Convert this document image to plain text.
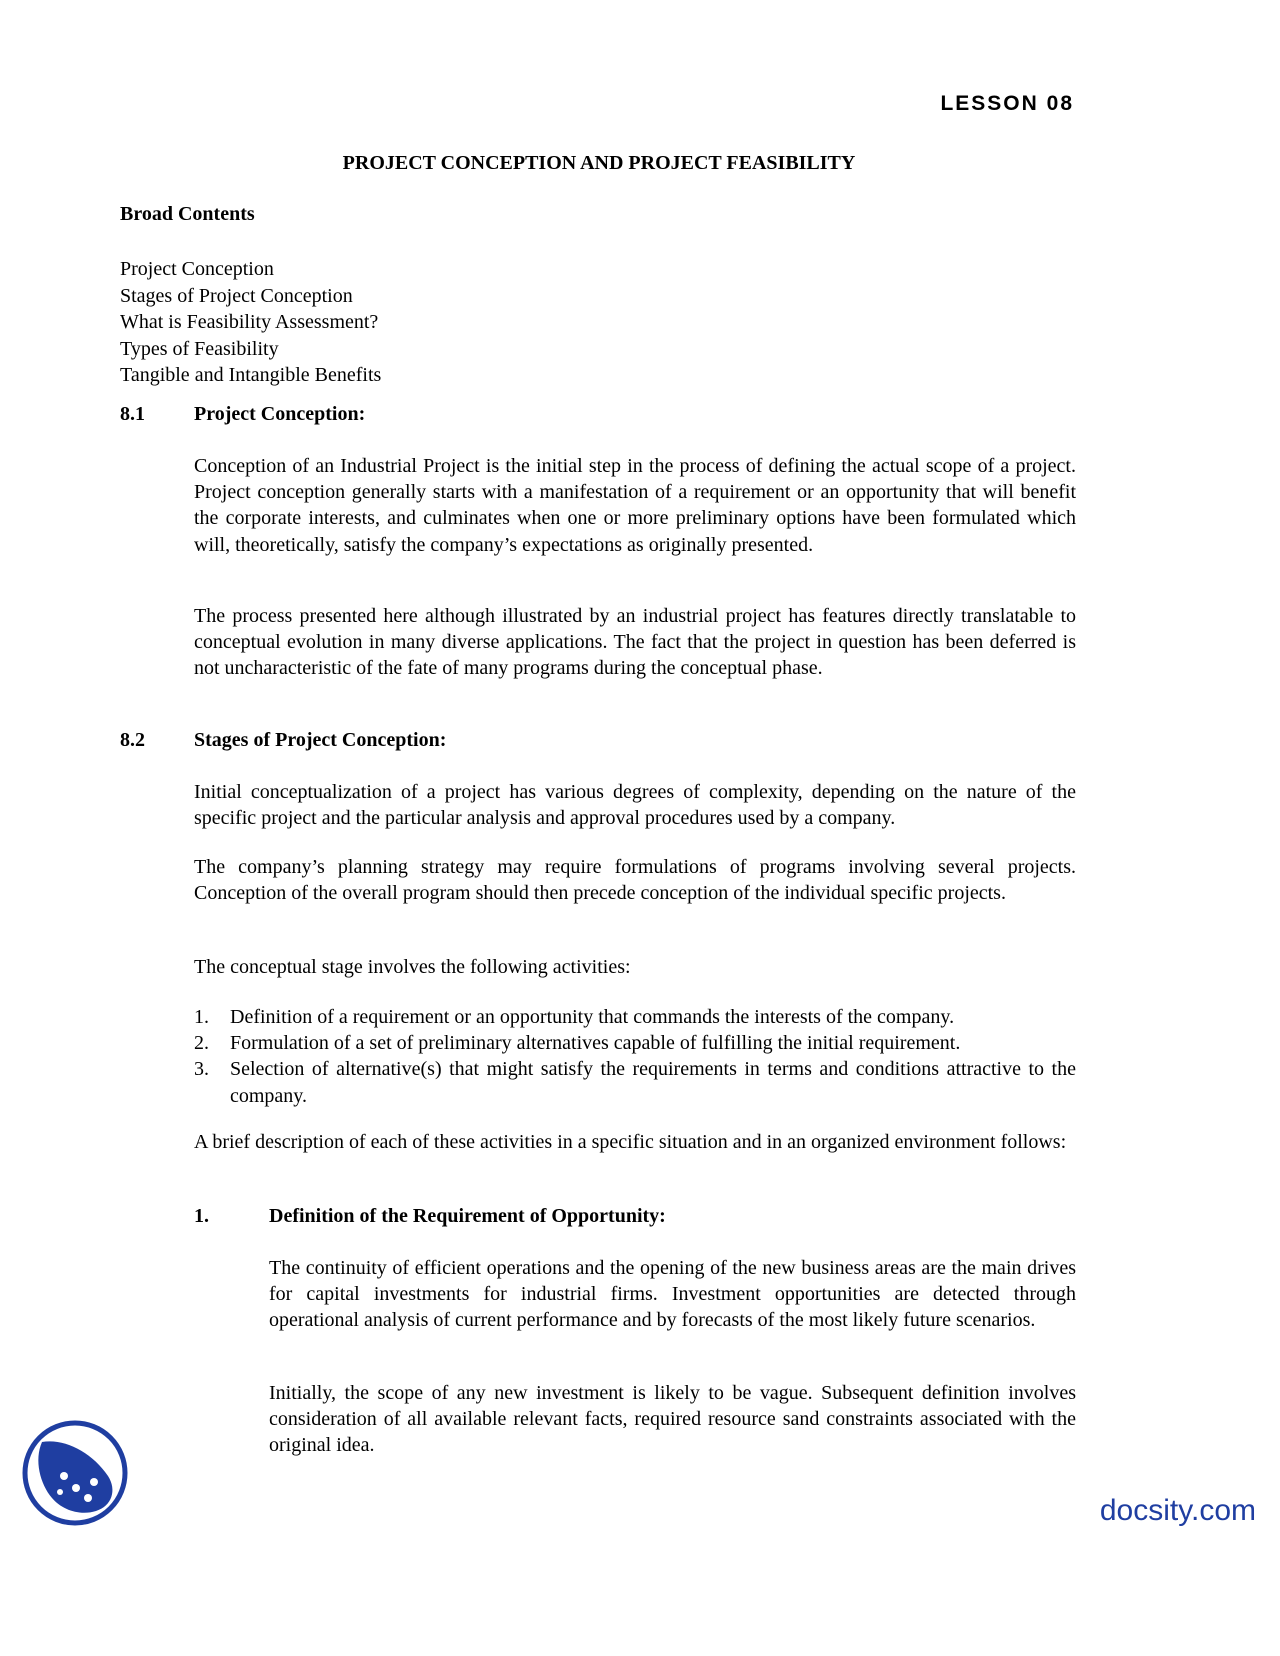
LESSON 08
PROJECT CONCEPTION AND PROJECT FEASIBILITY
Broad Contents
Project Conception
Stages of Project Conception
What is Feasibility Assessment?
Types of Feasibility
Tangible and Intangible Benefits
8.1 Project Conception:

Conception of an Industrial Project is the initial step in the process of defining the actual scope of a project. Project conception generally starts with a manifestation of a requirement or an opportunity that will benefit the corporate interests, and culminates when one or more preliminary options have been formulated which will, theoretically, satisfy the company’s expectations as originally presented.

The process presented here although illustrated by an industrial project has features directly translatable to conceptual evolution in many diverse applications. The fact that the project in question has been deferred is not uncharacteristic of the fate of many programs during the conceptual phase.

8.2 Stages of Project Conception:

Initial conceptualization of a project has various degrees of complexity, depending on the nature of the specific project and the particular analysis and approval procedures used by a company.

The company’s planning strategy may require formulations of programs involving several projects. Conception of the overall program should then precede conception of the individual specific projects.

The conceptual stage involves the following activities:

1. Definition of a requirement or an opportunity that commands the interests of the company.
2. Formulation of a set of preliminary alternatives capable of fulfilling the initial requirement.
3. Selection of alternative(s) that might satisfy the requirements in terms and conditions attractive to the company.

A brief description of each of these activities in a specific situation and in an organized environment follows:

1.	Definition of the Requirement of Opportunity:

The continuity of efficient operations and the opening of the new business areas are the main drives for capital investments for industrial firms. Investment opportunities are detected through operational analysis of current performance and by forecasts of the most likely future scenarios.

Initially, the scope of any new investment is likely to be vague. Subsequent definition involves consideration of all available relevant facts, required resource sand constraints associated with the original idea.

docsity.com
